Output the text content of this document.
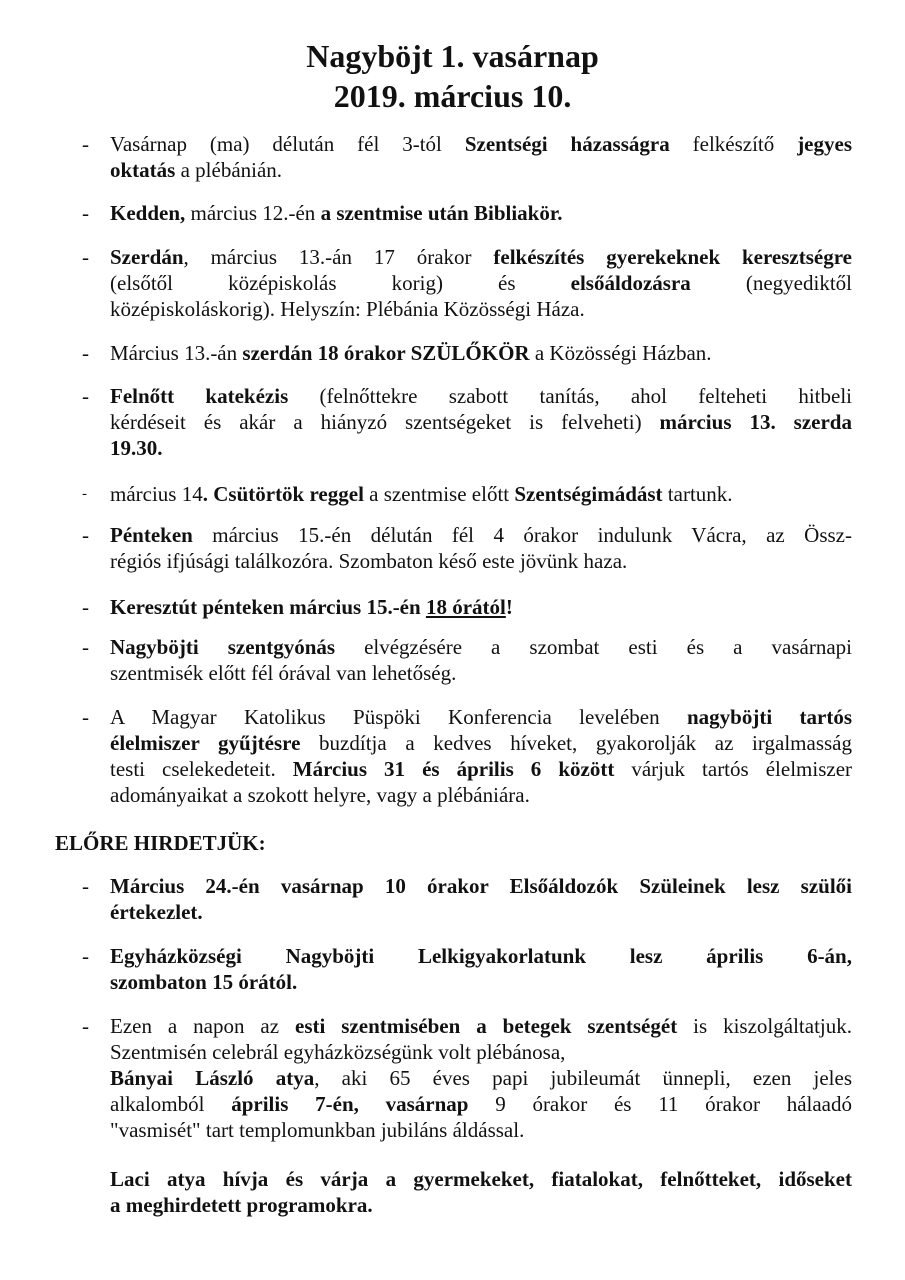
Nagyböjt 1. vasárnap
2019. március 10.
- Vasárnap (ma) délután fél 3-tól Szentségi házasságra felkészítő jegyes
oktatás a plébánián.
- Kedden, március 12.-én a szentmise után Bibliakör.
- Szerdán, március 13.-án 17 órakor felkészítés gyerekeknek keresztségre
(elsőtől középiskolás korig) és elsőáldozásra (negyediktől
középiskoláskorig). Helyszín: Plébánia Közösségi Háza.
- Március 13.-án szerdán 18 órakor SZÜLŐKÖR a Közösségi Házban.
- Felnőtt katekézis (felnőttekre szabott tanítás, ahol felteheti hitbeli
kérdéseit és akár a hiányzó szentségeket is felveheti) március 13. szerda
19.30.
-	március 14. Csütörtök reggel a szentmise előtt Szentségimádást tartunk.
- Pénteken március 15.-én délután fél 4 órakor indulunk Vácra, az Össz-
régiós ifjúsági találkozóra. Szombaton késő este jövünk haza.
- Keresztút pénteken március 15.-én 18 órától!
- Nagyböjti szentgyónás elvégzésére a szombat esti és a vasárnapi
szentmisék előtt fél órával van lehetőség.
- A Magyar Katolikus Püspöki Konferencia levelében nagyböjti tartós
élelmiszer gyűjtésre buzdítja a kedves híveket, gyakorolják az irgalmasság
testi cselekedeteit. Március 31 és április 6 között várjuk tartós élelmiszer
adományaikat a szokott helyre, vagy a plébániára.
ELŐRE HIRDETJÜK:
- Március 24.-én vasárnap 10 órakor Elsőáldozók Szüleinek lesz szülői
értekezlet.
- Egyházközségi Nagyböjti Lelkigyakorlatunk lesz április 6-án,
szombaton 15 órától.
- Ezen a napon az esti szentmisében a betegek szentségét is kiszolgáltatjuk.
Szentmisén celebrál egyházközségünk volt plébánosa,
Bányai László atya, aki 65 éves papi jubileumát ünnepli, ezen jeles
alkalomból április 7-én, vasárnap 9 órakor és 11 órakor hálaadó
"vasmisét" tart templomunkban jubiláns áldással.
Laci atya hívja és várja a gyermekeket, fiatalokat, felnőtteket, időseket
a meghirdetett programokra.
